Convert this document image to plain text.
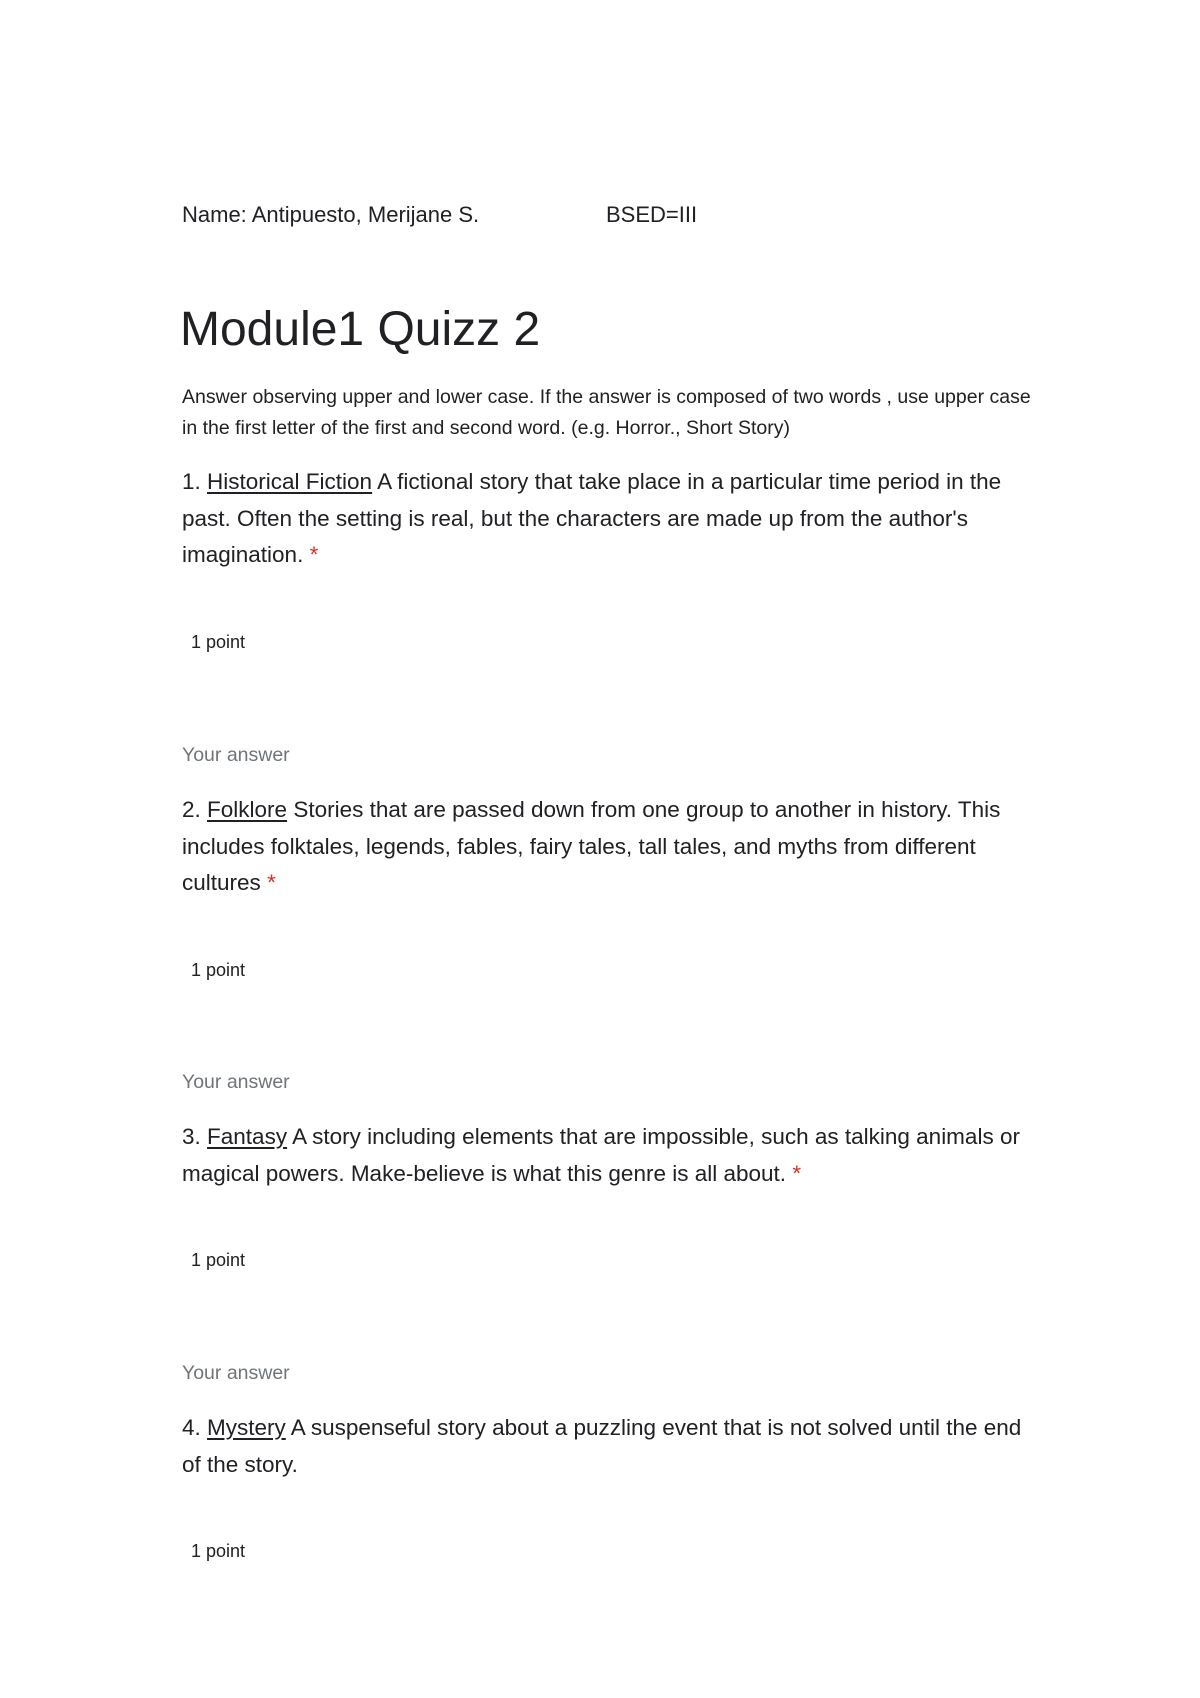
Name: Antipuesto, Merijane S.	BSED=III
Module1 Quizz 2
Answer observing upper and lower case. If the answer is composed of two words , use upper case in the first letter of the first and second word. (e.g. Horror., Short Story)
1. Historical Fiction A fictional story that take place in a particular time period in the past. Often the setting is real, but the characters are made up from the author's imagination. *
1 point
Your answer
2. Folklore Stories that are passed down from one group to another in history. This includes folktales, legends, fables, fairy tales, tall tales, and myths from different cultures *
1 point
Your answer
3. Fantasy A story including elements that are impossible, such as talking animals or magical powers. Make-believe is what this genre is all about. *
1 point
Your answer
4. Mystery A suspenseful story about a puzzling event that is not solved until the end of the story.
1 point
